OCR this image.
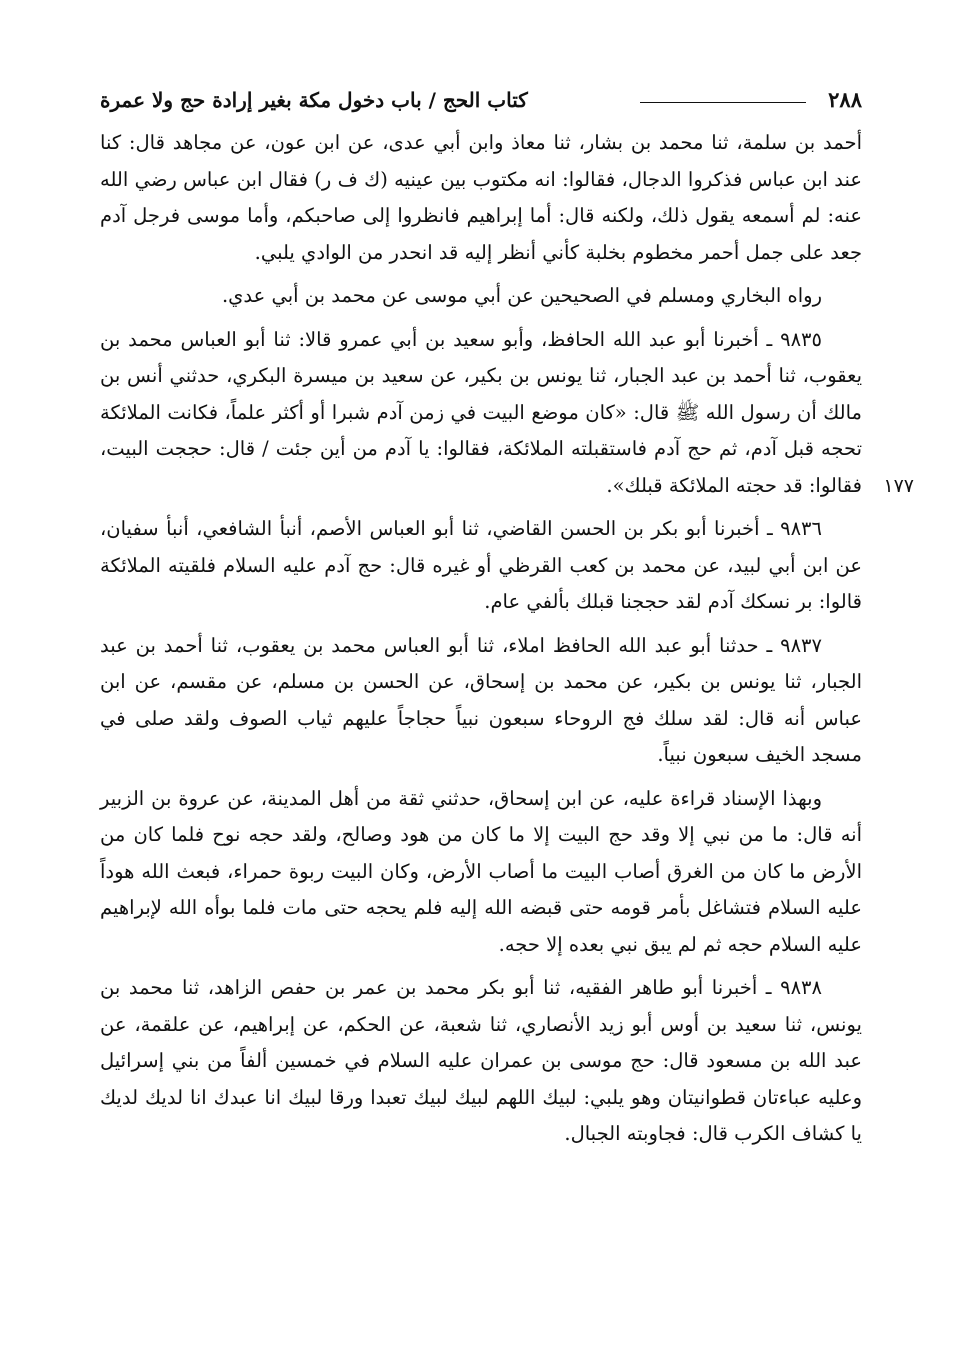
٢٨٨
كتاب الحج / باب دخول مكة بغير إرادة حج ولا عمرة

أحمد بن سلمة، ثنا محمد بن بشار، ثنا معاذ وابن أبي عدى، عن ابن عون، عن مجاهد قال: كنا عند ابن عباس فذكروا الدجال، فقالوا: انه مكتوب بين عينيه (ك ف ر) فقال ابن عباس رضي الله عنه: لم أسمعه يقول ذلك، ولكنه قال: أما إبراهيم فانظروا إلى صاحبكم، وأما موسى فرجل آدم جعد على جمل أحمر مخطوم بخلبة كأني أنظر إليه قد انحدر من الوادي يلبي.

رواه البخاري ومسلم في الصحيحين عن أبي موسى عن محمد بن أبي عدي.

٩٨٣٥ ـ أخبرنا أبو عبد الله الحافظ، وأبو سعيد بن أبي عمرو قالا: ثنا أبو العباس محمد بن يعقوب، ثنا أحمد بن عبد الجبار، ثنا يونس بن بكير، عن سعيد بن ميسرة البكري، حدثني أنس بن مالك أن رسول الله ﷺ قال: «كان موضع البيت في زمن آدم شبرا أو أكثر علماً، فكانت الملائكة تحجه قبل آدم، ثم حج آدم فاستقبلته الملائكة، فقالوا: يا آدم من أين جئت / قال: حججت البيت، فقالوا: قد حجته الملائكة قبلك». ١٧٧

٩٨٣٦ ـ أخبرنا أبو بكر بن الحسن القاضي، ثنا أبو العباس الأصم، أنبأ الشافعي، أنبأ سفيان، عن ابن أبي لبيد، عن محمد بن كعب القرظي أو غيره قال: حج آدم عليه السلام فلقيته الملائكة قالوا: بر نسكك آدم لقد حججنا قبلك بألفي عام.

٩٨٣٧ ـ حدثنا أبو عبد الله الحافظ املاء، ثنا أبو العباس محمد بن يعقوب، ثنا أحمد بن عبد الجبار، ثنا يونس بن بكير، عن محمد بن إسحاق، عن الحسن بن مسلم، عن مقسم، عن ابن عباس أنه قال: لقد سلك فج الروحاء سبعون نبياً حجاجاً عليهم ثياب الصوف ولقد صلى في مسجد الخيف سبعون نبياً.

وبهذا الإسناد قراءة عليه، عن ابن إسحاق، حدثني ثقة من أهل المدينة، عن عروة بن الزبير أنه قال: ما من نبي إلا وقد حج البيت إلا ما كان من هود وصالح، ولقد حجه نوح فلما كان من الأرض ما كان من الغرق أصاب البيت ما أصاب الأرض، وكان البيت ربوة حمراء، فبعث الله هوداً عليه السلام فتشاغل بأمر قومه حتى قبضه الله إليه فلم يحجه حتى مات فلما بوأه الله لإبراهيم عليه السلام حجه ثم لم يبق نبي بعده إلا حجه.

٩٨٣٨ ـ أخبرنا أبو طاهر الفقيه، ثنا أبو بكر محمد بن عمر بن حفص الزاهد، ثنا محمد بن يونس، ثنا سعيد بن أوس أبو زيد الأنصاري، ثنا شعبة، عن الحكم، عن إبراهيم، عن علقمة، عن عبد الله بن مسعود قال: حج موسى بن عمران عليه السلام في خمسين ألفاً من بني إسرائيل وعليه عباءتان قطوانيتان وهو يلبي: لبيك اللهم لبيك لبيك تعبدا ورقا لبيك انا عبدك انا لديك لديك يا كشاف الكرب قال: فجاوبته الجبال.
